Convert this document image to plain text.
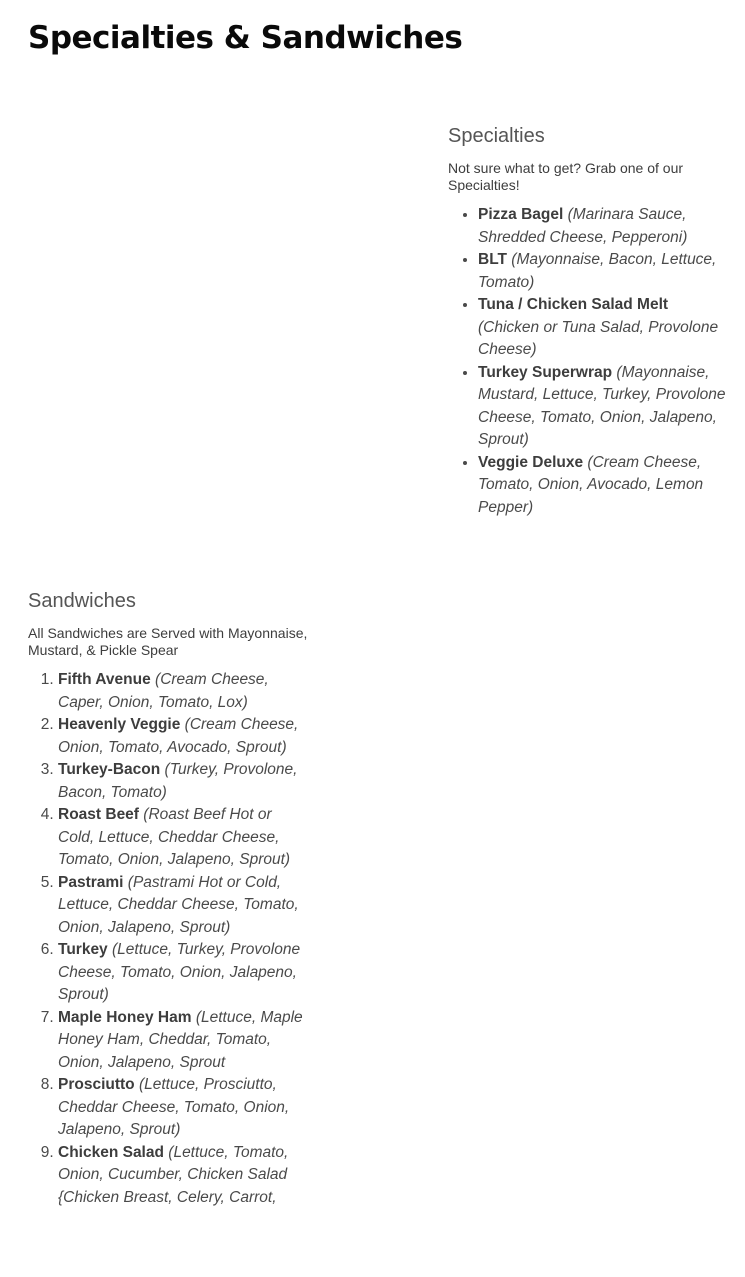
Specialties & Sandwiches
Specialties

Not sure what to get? Grab one of our Specialties!

• Pizza Bagel (Marinara Sauce, Shredded Cheese, Pepperoni)
• BLT (Mayonnaise, Bacon, Lettuce, Tomato)
• Tuna / Chicken Salad Melt (Chicken or Tuna Salad, Provolone Cheese)
• Turkey Superwrap (Mayonnaise, Mustard, Lettuce, Turkey, Provolone Cheese, Tomato, Onion, Jalapeno, Sprout)
• Veggie Deluxe (Cream Cheese, Tomato, Onion, Avocado, Lemon Pepper)
Sandwiches

All Sandwiches are Served with Mayonnaise, Mustard, & Pickle Spear

1. Fifth Avenue (Cream Cheese, Caper, Onion, Tomato, Lox)
2. Heavenly Veggie (Cream Cheese, Onion, Tomato, Avocado, Sprout)
3. Turkey-Bacon (Turkey, Provolone, Bacon, Tomato)
4. Roast Beef (Roast Beef Hot or Cold, Lettuce, Cheddar Cheese, Tomato, Onion, Jalapeno, Sprout)
5. Pastrami (Pastrami Hot or Cold, Lettuce, Cheddar Cheese, Tomato, Onion, Jalapeno, Sprout)
6. Turkey (Lettuce, Turkey, Provolone Cheese, Tomato, Onion, Jalapeno, Sprout)
7. Maple Honey Ham (Lettuce, Maple Honey Ham, Cheddar, Tomato, Onion, Jalapeno, Sprout
8. Prosciutto (Lettuce, Prosciutto, Cheddar Cheese, Tomato, Onion, Jalapeno, Sprout)
9. Chicken Salad (Lettuce, Tomato, Onion, Cucumber, Chicken Salad {Chicken Breast, Celery, Carrot,
